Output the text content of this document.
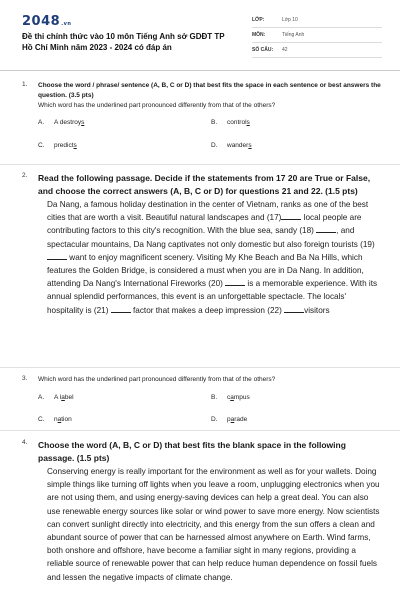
2048.vn
Đề thi chính thức vào 10 môn Tiếng Anh sở GDĐT TP Hồ Chí Minh năm 2023 - 2024 có đáp án
LỚP:	Lớp 10
MÔN:	Tiếng Anh
SỐ CÂU:	42
1. Choose the word / phrase/ sentence (A, B, C or D) that best fits the space in each sentence or best answers the question. (3.5 pts)
Which word has the underlined part pronounced differently from that of the others?
A. A destroys	B. controls
C. predicts	D. wanders
2. Read the following passage. Decide if the statements from 17 20 are True or False, and choose the correct answers (A, B, C or D) for questions 21 and 22. (1.5 pts)
Da Nang, a famous holiday destination in the center of Vietnam, ranks as one of the best cities that are worth a visit. Beautiful natural landscapes and (17) local people are contributing factors to this city's recognition. With the blue sea, sandy (18) , and spectacular mountains, Da Nang captivates not only domestic but also foreign tourists (19)  want to enjoy magnificent scenery. Visiting My Khe Beach and Ba Na Hills, which features the Golden Bridge, is considered a must when you are in Da Nang. In addition, attending Da Nang's International Fireworks (20)  is a memorable experience. With its annual splendid performances, this event is an unforgettable spectacle. The locals' hospitality is (21)  factor that makes a deep impression (22) visitors
3. Which word has the underlined part pronounced differently from that of the others?
A. A label	B. campus
C. nation	D. parade
4. Choose the word (A, B, C or D) that best fits the blank space in the following passage. (1.5 pts)
Conserving energy is really important for the environment as well as for your wallets. Doing simple things like turning off lights when you leave a room, unplugging electronics when you are not using them, and using energy-saving devices can help a great deal. You can also use renewable energy sources like solar or wind power to save more energy. Now scientists can convert sunlight directly into electricity, and this energy from the sun offers a clean and abundant source of power that can be harnessed almost anywhere on Earth. Wind farms, both onshore and offshore, have become a familiar sight in many regions, providing a reliable source of renewable power that can help reduce human dependence on fossil fuels and lessen the negative impacts of climate change.
